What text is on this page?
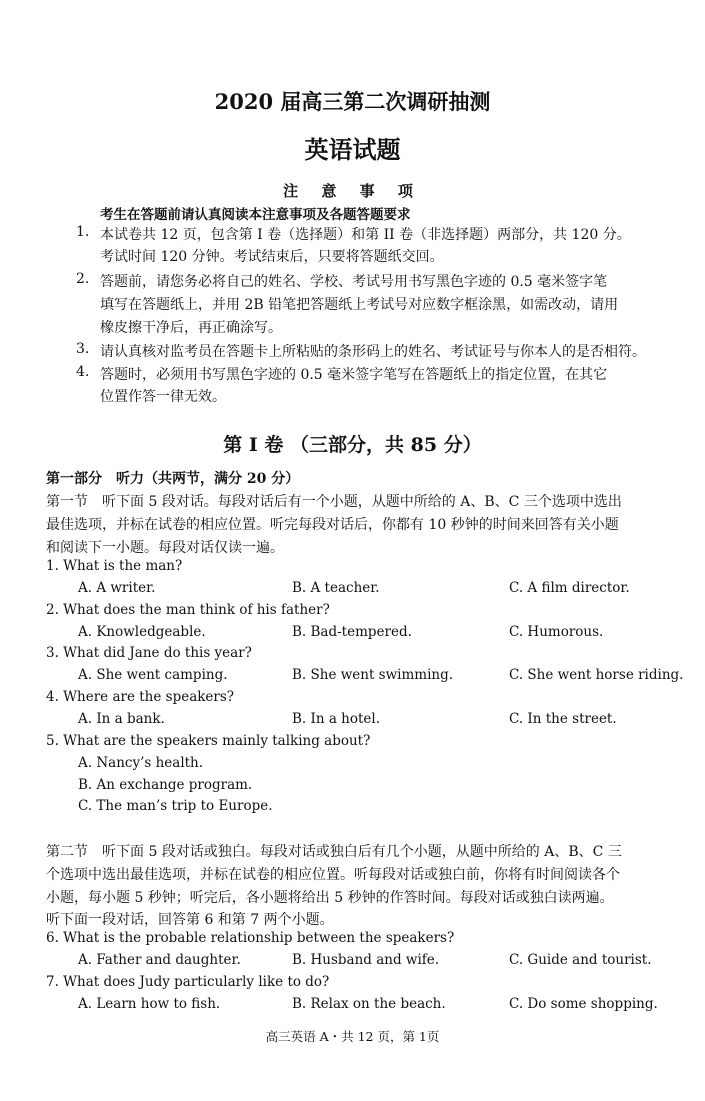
2020 届高三第二次调研抽测
英语试题
注 意 事 项
考生在答题前请认真阅读本注意事项及各题答题要求
1. 本试卷共 12 页，包含第 I 卷（选择题）和第 II 卷（非选择题）两部分，共 120 分。
考试时间 120 分钟。考试结束后，只要将答题纸交回。
2. 答题前，请您务必将自己的姓名、学校、考试号用书写黑色字迹的 0.5 毫米签字笔
填写在答题纸上，并用 2B 铅笔把答题纸上考试号对应数字框涂黑，如需改动，请用
橡皮擦干净后，再正确涂写。
3. 请认真核对监考员在答题卡上所粘贴的条形码上的姓名、考试证号与你本人的是否相符。
4. 答题时，必须用书写黑色字迹的 0.5 毫米签字笔写在答题纸上的指定位置，在其它
位置作答一律无效。
第 I 卷 （三部分，共 85 分）
第一部分　听力（共两节，满分 20 分）
第一节　听下面 5 段对话。每段对话后有一个小题，从题中所给的 A、B、C 三个选项中选出
最佳选项，并标在试卷的相应位置。听完每段对话后，你都有 10 秒钟的时间来回答有关小题
和阅读下一小题。每段对话仅读一遍。
1. What is the man?
A. A writer.	B. A teacher.	C. A film director.
2. What does the man think of his father?
A. Knowledgeable.	B. Bad-tempered.	C. Humorous.
3. What did Jane do this year?
A. She went camping.	B. She went swimming.	C. She went horse riding.
4. Where are the speakers?
A. In a bank.	B. In a hotel.	C. In the street.
5. What are the speakers mainly talking about?
A. Nancy’s health.
B. An exchange program.
C. The man’s trip to Europe.
第二节　听下面 5 段对话或独白。每段对话或独白后有几个小题，从题中所给的 A、B、C 三
个选项中选出最佳选项，并标在试卷的相应位置。听每段对话或独白前，你将有时间阅读各个
小题，每小题 5 秒钟；听完后，各小题将给出 5 秒钟的作答时间。每段对话或独白读两遍。
听下面一段对话，回答第 6 和第 7 两个小题。
6. What is the probable relationship between the speakers?
A. Father and daughter.	B. Husband and wife.	C. Guide and tourist.
7. What does Judy particularly like to do?
A. Learn how to fish.	B. Relax on the beach.	C. Do some shopping.
高三英语 A・共 12 页，第 1页
